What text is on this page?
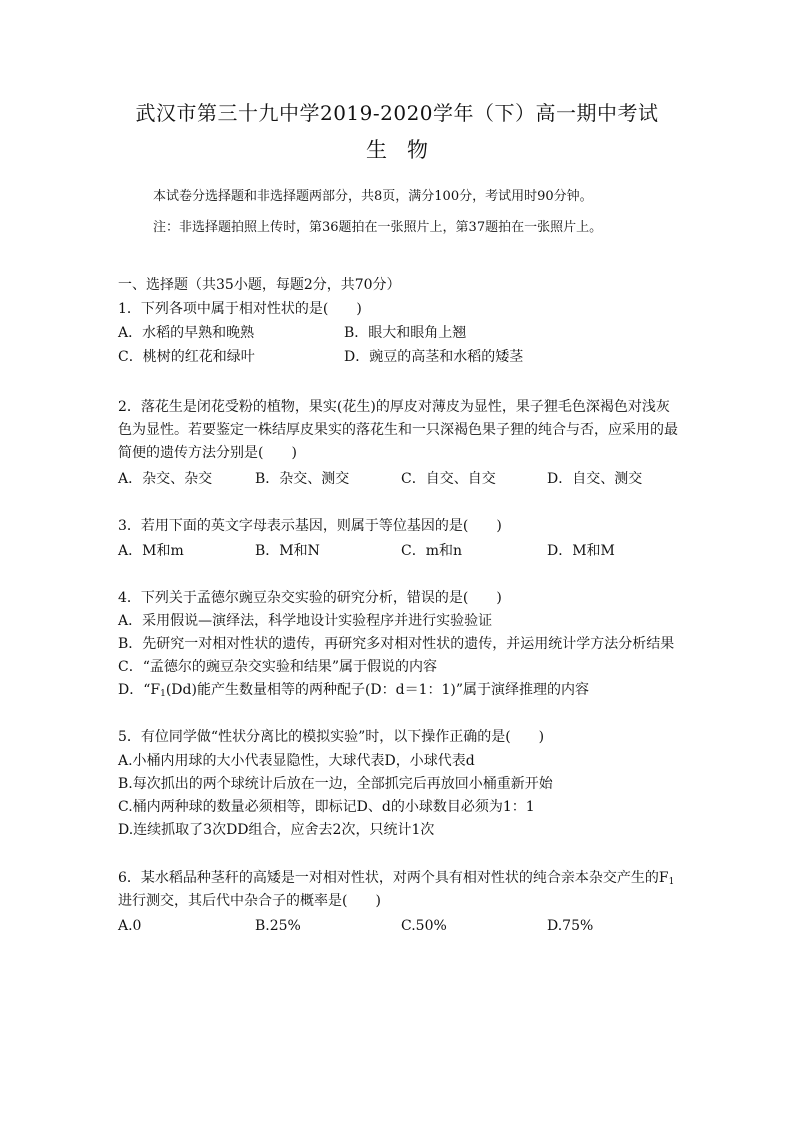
武汉市第三十九中学2019-2020学年（下）高一期中考试
生物
本试卷分选择题和非选择题两部分，共8页，满分100分，考试用时90分钟。
注：非选择题拍照上传时，第36题拍在一张照片上，第37题拍在一张照片上。
一、选择题（共35小题，每题2分，共70分）
1．下列各项中属于相对性状的是(　　)
A．水稻的早熟和晚熟	B．眼大和眼角上翘
C．桃树的红花和绿叶	D．豌豆的高茎和水稻的矮茎
2．落花生是闭花受粉的植物，果实(花生)的厚皮对薄皮为显性，果子狸毛色深褐色对浅灰
色为显性。若要鉴定一株结厚皮果实的落花生和一只深褐色果子狸的纯合与否，应采用的最
简便的遗传方法分别是(　　)
A．杂交、杂交	B．杂交、测交	C．自交、自交	D．自交、测交
3．若用下面的英文字母表示基因，则属于等位基因的是(　　)
A．M和m	B．M和N	C．m和n	D．M和M
4．下列关于孟德尔豌豆杂交实验的研究分析，错误的是(　　)
A．采用假说—演绎法，科学地设计实验程序并进行实验验证
B．先研究一对相对性状的遗传，再研究多对相对性状的遗传，并运用统计学方法分析结果
C．“孟德尔的豌豆杂交实验和结果”属于假说的内容
D．“$F_1(Dd)$能产生数量相等的两种配子(D：d＝1：1)”属于演绎推理的内容
5．有位同学做“性状分离比的模拟实验”时，以下操作正确的是(　　)
A.小桶内用球的大小代表显隐性，大球代表D，小球代表d
B.每次抓出的两个球统计后放在一边，全部抓完后再放回小桶重新开始
C.桶内两种球的数量必须相等，即标记D、d的小球数目必须为1：1
D.连续抓取了3次DD组合，应舍去2次，只统计1次
6．某水稻品种茎秆的高矮是一对相对性状，对两个具有相对性状的纯合亲本杂交产生的$F_1$
进行测交，其后代中杂合子的概率是(　　)
A.0	B.25%	C.50%	D.75%
